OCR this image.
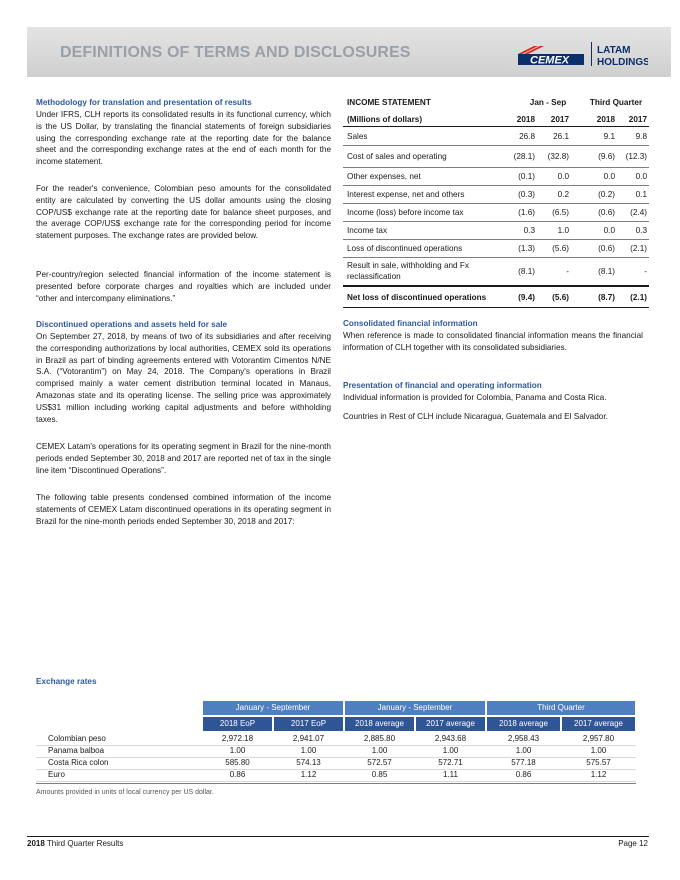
DEFINITIONS OF TERMS AND DISCLOSURES	CEMEX
LATAM
HOLDINGS
Methodology for translation and presentation of results
Under IFRS, CLH reports its consolidated results in its functional currency, which is the US Dollar, by translating the financial statements of foreign subsidiaries using the corresponding exchange rate at the reporting date for the balance sheet and the corresponding exchange rates at the end of each month for the income statement.
For the reader's convenience, Colombian peso amounts for the consolidated entity are calculated by converting the US dollar amounts using the closing COP/US$ exchange rate at the reporting date for balance sheet purposes, and the average COP/US$ exchange rate for the corresponding period for income statement purposes. The exchange rates are provided below.
Per-country/region selected financial information of the income statement is presented before corporate charges and royalties which are included under “other and intercompany eliminations.”
Discontinued operations and assets held for sale
On September 27, 2018, by means of two of its subsidiaries and after receiving the corresponding authorizations by local authorities, CEMEX sold its operations in Brazil as part of binding agreements entered with Votorantim Cimentos N/NE S.A. (“Votorantim”) on May 24, 2018. The Company's operations in Brazil comprised mainly a water cement distribution terminal located in Manaus, Amazonas state and its operating license. The selling price was approximately US$31 million including working capital adjustments and before withholding taxes.
CEMEX Latam's operations for its operating segment in Brazil for the nine-month periods ended September 30, 2018 and 2017 are reported net of tax in the single line item “Discontinued Operations”.
The following table presents condensed combined information of the income statements of CEMEX Latam discontinued operations in its operating segment in Brazil for the nine-month periods ended September 30, 2018 and 2017:
INCOME STATEMENT	Jan - Sep	Third Quarter
(Millions of dollars)	2018	2017	2018	2017
Sales	26.8	26.1	9.1	9.8
Cost of sales and operating	(28.1)	(32.8)	(9.6)	(12.3)
Other expenses, net	(0.1)	0.0	0.0	0.0
Interest expense, net and others	(0.3)	0.2	(0.2)	0.1
Income (loss) before income tax	(1.6)	(6.5)	(0.6)	(2.4)
Income tax	0.3	1.0	0.0	0.3
Loss of discontinued operations	(1.3)	(5.6)	(0.6)	(2.1)
Result in sale, withholding and Fx reclassification
(8.1)	-	(8.1)	-
Net loss of discontinued operations	(9.4)	(5.6)	(8.7)	(2.1)
Consolidated financial information
When reference is made to consolidated financial information means the financial information of CLH together with its consolidated subsidiaries.
Presentation of financial and operating information
Individual information is provided for Colombia, Panama and Costa Rica.
Countries in Rest of CLH include Nicaragua, Guatemala and El Salvador.
Exchange rates
January - September	January - September	Third Quarter
2018 EoP	2017 EoP	2018 average	2017 average	2018 average	2017 average
Colombian peso	2,972.18	2,941.07	2,885.80	2,943.68	2,958.43	2,957.80
Panama balboa	1.00	1.00	1.00	1.00	1.00	1.00
Costa Rica colon	585.80	574.13	572.57	572.71	577.18	575.57
Euro	0.86	1.12	0.85	1.11	0.86	1.12
Amounts provided in units of local currency per US dollar.
2018 Third Quarter Results	Page 12
